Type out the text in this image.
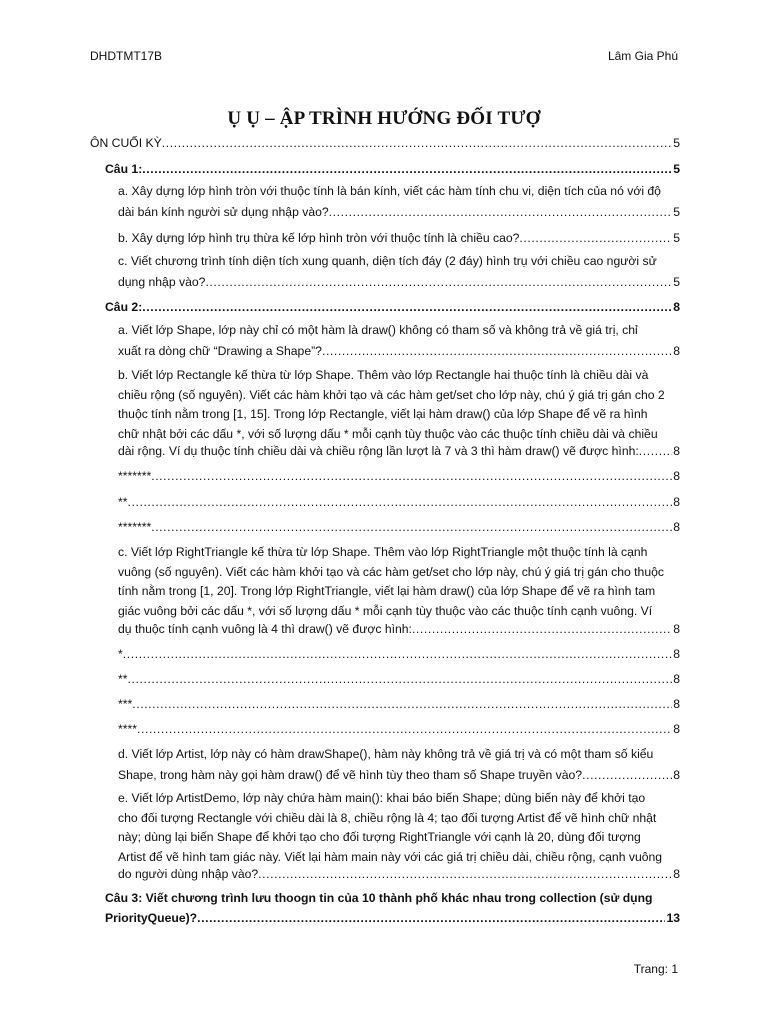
DHDTMT17B	Lâm Gia Phú
Ụ Ụ – ẬP TRÌNH HƯỚNG ĐỐI TƯỢ
ÔN CUỐI KỲ .....	5
Câu 1: .....	5
a. Xây dựng lớp hình tròn với thuộc tính là bán kính, viết các hàm tính chu vi, diện tích của nó với độ
dài bán kính người sử dụng nhập vào? .....	5
b. Xây dựng lớp hình trụ thừa kế lớp hình tròn với thuộc tính là chiều cao? .....	5
c. Viết chương trình tính diện tích xung quanh, diện tích đáy (2 đáy) hình trụ với chiều cao người sử
dụng nhập vào? .....	5
Câu 2: .....	8
a. Viết lớp Shape, lớp này chỉ có một hàm là draw() không có tham số và không trả về giá trị, chỉ
xuất ra dòng chữ “Drawing a Shape”? .....	8
b. Viết lớp Rectangle kế thừa từ lớp Shape. Thêm vào lớp Rectangle hai thuộc tính là chiều dài và
chiều rộng (số nguyên). Viết các hàm khởi tạo và các hàm get/set cho lớp này, chú ý giá trị gán cho 2
thuộc tính nằm trong [1, 15]. Trong lớp Rectangle, viết lại hàm draw() của lớp Shape để vẽ ra hình
chữ nhật bởi các dấu *, với số lượng dấu * mỗi cạnh tùy thuộc vào các thuộc tính chiều dài và chiều
dài rộng. Ví dụ thuộc tính chiều dài và chiều rộng lần lượt là 7 và 3 thì hàm draw() vẽ được hình: .....	8
******* .....	8
** .....	8
******* .....	8
c. Viết lớp RightTriangle kế thừa từ lớp Shape. Thêm vào lớp RightTriangle một thuộc tính là cạnh
vuông (số nguyên). Viết các hàm khởi tạo và các hàm get/set cho lớp này, chú ý giá trị gán cho thuộc
tính nằm trong [1, 20]. Trong lớp RightTriangle, viết lại hàm draw() của lớp Shape để vẽ ra hình tam
giác vuông bởi các dấu *, với số lượng dấu * mỗi cạnh tùy thuộc vào các thuộc tính cạnh vuông. Ví
dụ thuộc tính cạnh vuông là 4 thì draw() vẽ được hình: .....	8
* .....	8
** .....	8
*** .....	8
**** .....	8
d. Viết lớp Artist, lớp này có hàm drawShape(), hàm này không trả về giá trị và có một tham số kiểu
Shape, trong hàm này gọi hàm draw() để vẽ hình tùy theo tham số Shape truyền vào? .....	8
e. Viết lớp ArtistDemo, lớp này chứa hàm main(): khai báo biến Shape; dùng biến này để khởi tạo
cho đối tượng Rectangle với chiều dài là 8, chiều rộng là 4; tạo đối tượng Artist để vẽ hình chữ nhật
này; dùng lại biến Shape để khởi tạo cho đối tượng RightTriangle với cạnh là 20, dùng đối tượng
Artist để vẽ hình tam giác này. Viết lại hàm main này với các giá trị chiều dài, chiều rộng, cạnh vuông
do người dùng nhập vào? .....	8
Câu 3: Viết chương trình lưu thoogn tin của 10 thành phố khác nhau trong collection (sử dụng
PriorityQueue)? .....	13
Trang: 1
